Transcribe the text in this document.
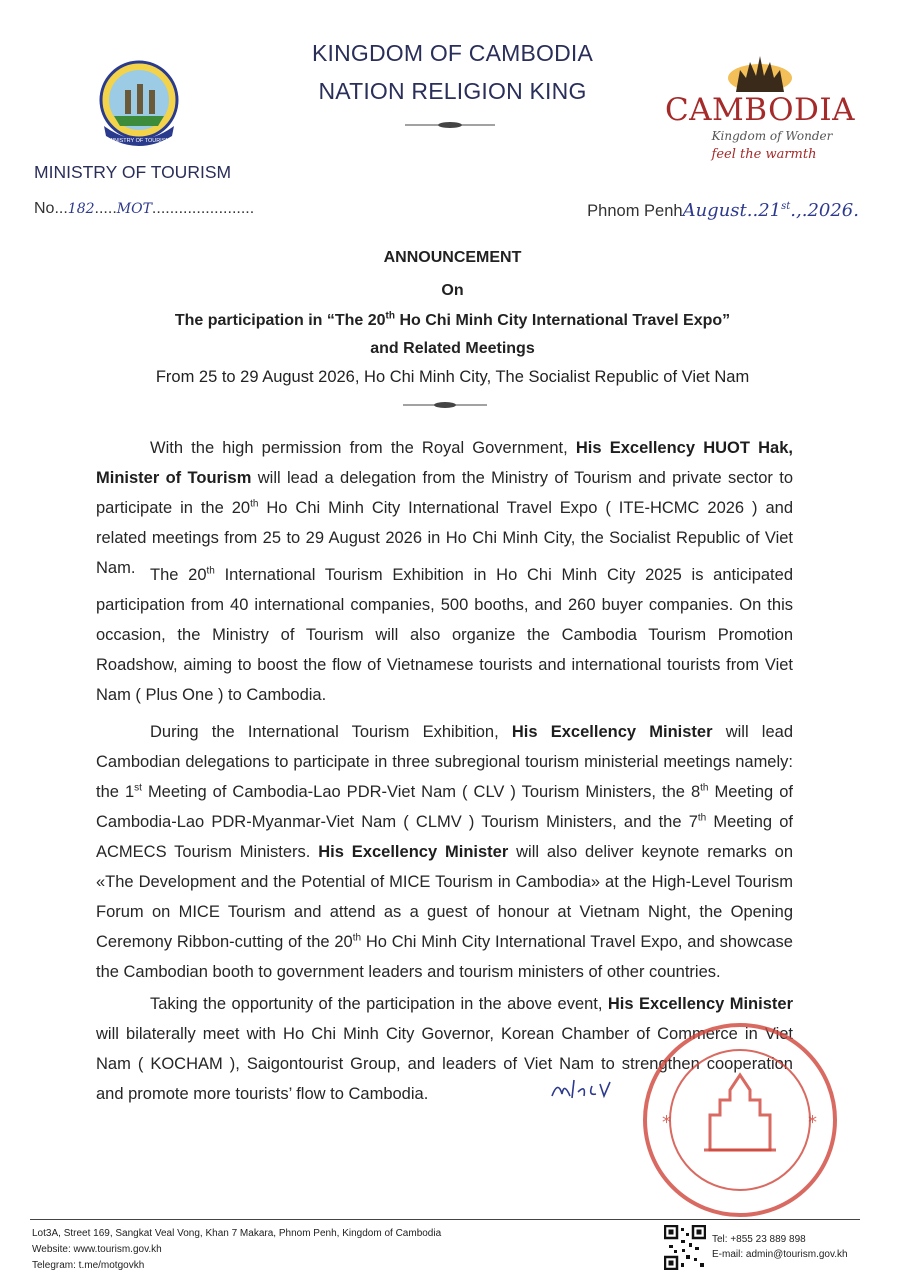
MINISTRY OF TOURISM
KINGDOM OF CAMBODIA
NATION RELIGION KING
CAMBODIA
Kingdom of Wonder
feel the warmth
MINISTRY OF TOURISM
No...182.....MOT.......................	Phnom PenhAugust..21st.,.2026.
ANNOUNCEMENT
On
The participation in “The 20th Ho Chi Minh City International Travel Expo”
and Related Meetings
From 25 to 29 August 2026, Ho Chi Minh City, The Socialist Republic of Viet Nam
With the high permission from the Royal Government, His Excellency HUOT Hak, Minister of Tourism will lead a delegation from the Ministry of Tourism and private sector to participate in the 20th Ho Chi Minh City International Travel Expo ( ITE-HCMC 2026 ) and related meetings from 25 to 29 August 2026 in Ho Chi Minh City, the Socialist Republic of Viet Nam. The 20th International Tourism Exhibition in Ho Chi Minh City 2025 is anticipated participation from 40 international companies, 500 booths, and 260 buyer companies. On this occasion, the Ministry of Tourism will also organize the Cambodia Tourism Promotion Roadshow, aiming to boost the flow of Vietnamese tourists and international tourists from Viet Nam ( Plus One ) to Cambodia.
During the International Tourism Exhibition, His Excellency Minister will lead Cambodian delegations to participate in three subregional tourism ministerial meetings namely: the 1st Meeting of Cambodia-Lao PDR-Viet Nam ( CLV ) Tourism Ministers, the 8th Meeting of Cambodia-Lao PDR-Myanmar-Viet Nam ( CLMV ) Tourism Ministers, and the 7th Meeting of ACMECS Tourism Ministers. His Excellency Minister will also deliver keynote remarks on «The Development and the Potential of MICE Tourism in Cambodia» at the High-Level Tourism Forum on MICE Tourism and attend as a guest of honour at Vietnam Night, the Opening Ceremony Ribbon-cutting of the 20th Ho Chi Minh City International Travel Expo, and showcase the Cambodian booth to government leaders and tourism ministers of other countries.
Taking the opportunity of the participation in the above event, His Excellency Minister will bilaterally meet with Ho Chi Minh City Governor, Korean Chamber of Commerce in Viet Nam ( KOCHAM ), Saigontourist Group, and leaders of Viet Nam to strengthen cooperation and promote more tourists’ flow to Cambodia.
*	*
Lot3A, Street 169, Sangkat Veal Vong, Khan 7 Makara, Phnom Penh, Kingdom of Cambodia
Website: www.tourism.gov.kh
Telegram: t.me/motgovkh
Tel: +855 23 889 898
E-mail: admin@tourism.gov.kh
